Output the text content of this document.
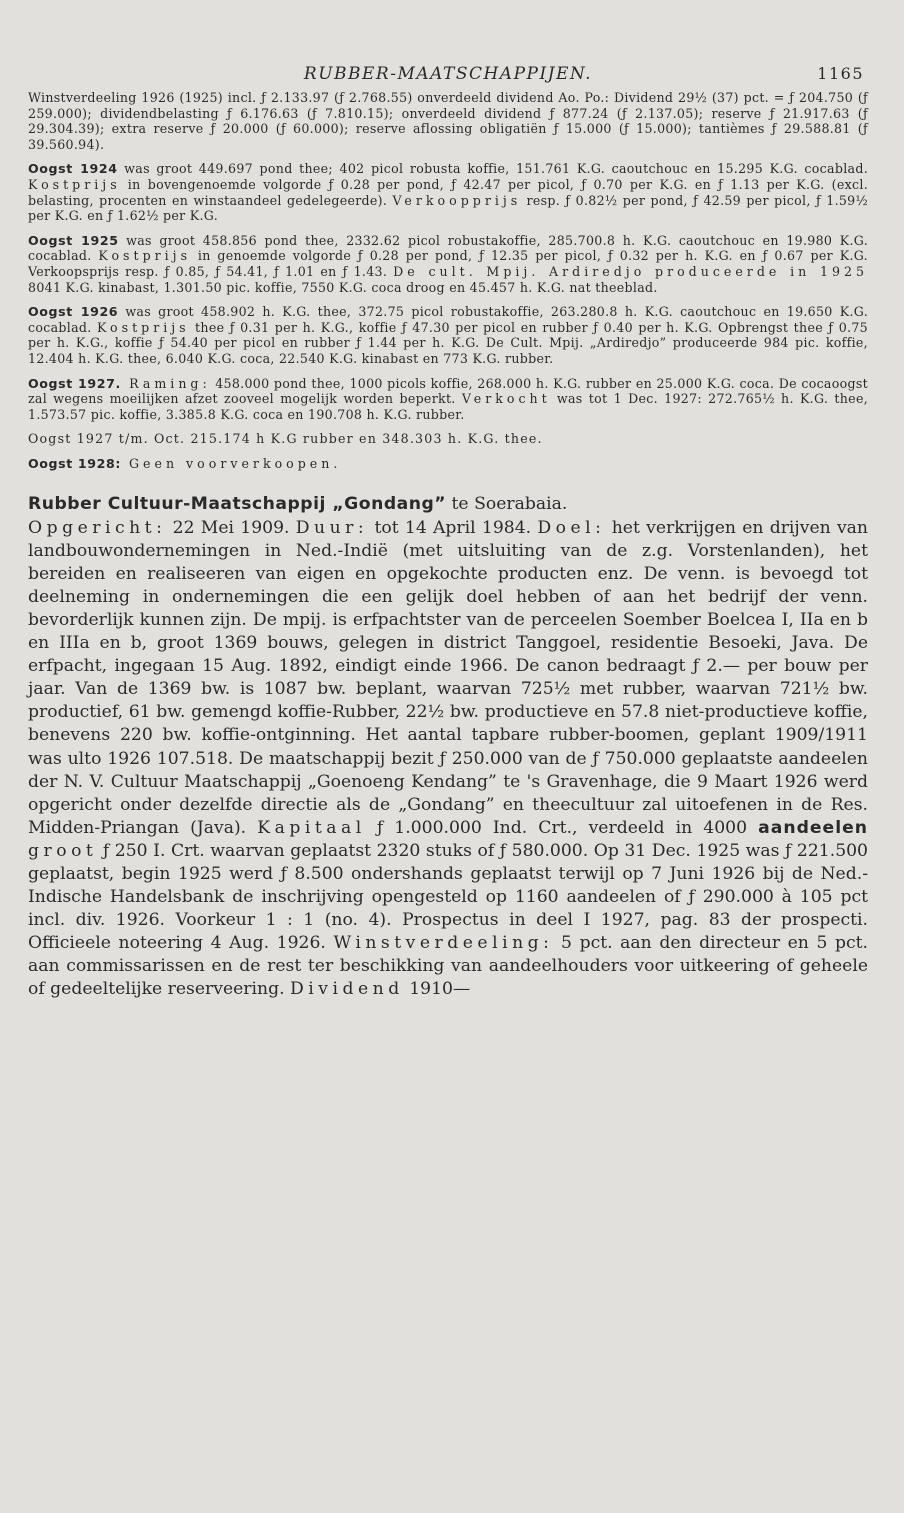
RUBBER-MAATSCHAPPIJEN.	1165

Winstverdeeling 1926 (1925) incl. ƒ 2.133.97 (ƒ 2.768.55) onverdeeld dividend Ao. Po.: Dividend 29½ (37) pct. = ƒ 204.750 (ƒ 259.000); dividendbelasting ƒ 6.176.63 (ƒ 7.810.15); onverdeeld dividend ƒ 877.24 (ƒ 2.137.05); reserve ƒ 21.917.63 (ƒ 29.304.39); extra reserve ƒ 20.000 (ƒ 60.000); reserve aflossing obligatiën ƒ 15.000 (ƒ 15.000); tantièmes ƒ 29.588.81 (ƒ 39.560.94).

Oogst 1924 was groot 449.697 pond thee; 402 picol robusta koffie, 151.761 K.G. caoutchouc en 15.295 K.G. cocablad. Kostprijs in bovengenoemde volgorde ƒ 0.28 per pond, ƒ 42.47 per picol, ƒ 0.70 per K.G. en ƒ 1.13 per K.G. (excl. belasting, procenten en winstaandeel gedelegeerde). Verkoopprijs resp. ƒ 0.82½ per pond, ƒ 42.59 per picol, ƒ 1.59½ per K.G. en ƒ 1.62½ per K.G.

Oogst 1925 was groot 458.856 pond thee, 2332.62 picol robustakoffie, 285.700.8 h. K.G. caoutchouc en 19.980 K.G. cocablad. Kostprijs in genoemde volgorde ƒ 0.28 per pond, ƒ 12.35 per picol, ƒ 0.32 per h. K.G. en ƒ 0.67 per K.G. Verkoopsprijs resp. ƒ 0.85, ƒ 54.41, ƒ 1.01 en ƒ 1.43. De cult. Mpij. Ardiredjo produceerde in 1925 8041 K.G. kinabast, 1.301.50 pic. koffie, 7550 K.G. coca droog en 45.457 h. K.G. nat theeblad.

Oogst 1926 was groot 458.902 h. K.G. thee, 372.75 picol robustakoffie, 263.280.8 h. K.G. caoutchouc en 19.650 K.G. cocablad. Kostprijs thee ƒ 0.31 per h. K.G., koffie ƒ 47.30 per picol en rubber ƒ 0.40 per h. K.G. Opbrengst thee ƒ 0.75 per h. K.G., koffie ƒ 54.40 per picol en rubber ƒ 1.44 per h. K.G. De Cult. Mpij. „Ardiredjo” produceerde 984 pic. koffie, 12.404 h. K.G. thee, 6.040 K.G. coca, 22.540 K.G. kinabast en 773 K.G. rubber.

Oogst 1927. Raming: 458.000 pond thee, 1000 picols koffie, 268.000 h. K.G. rubber en 25.000 K.G. coca. De cocaoogst zal wegens moeilijken afzet zooveel mogelijk worden beperkt. Verkocht was tot 1 Dec. 1927: 272.765½ h. K.G. thee, 1.573.57 pic. koffie, 3.385.8 K.G. coca en 190.708 h. K.G. rubber.

Oogst 1927 t/m. Oct. 215.174 h K.G rubber en 348.303 h. K.G. thee.

Oogst 1928: Geen voorverkoopen.

Rubber Cultuur-Maatschappij „Gondang” te Soerabaia.
Opgericht: 22 Mei 1909. Duur: tot 14 April 1984. Doel: het verkrijgen en drijven van landbouwondernemingen in Ned.-Indië (met uitsluiting van de z.g. Vorstenlanden), het bereiden en realiseeren van eigen en opgekochte producten enz. De venn. is bevoegd tot deelneming in ondernemingen die een gelijk doel hebben of aan het bedrijf der venn. bevorderlijk kunnen zijn. De mpij. is erfpachtster van de perceelen Soember Boelcea I, IIa en b en IIIa en b, groot 1369 bouws, gelegen in district Tanggoel, residentie Besoeki, Java. De erfpacht, ingegaan 15 Aug. 1892, eindigt einde 1966. De canon bedraagt ƒ 2.— per bouw per jaar. Van de 1369 bw. is 1087 bw. beplant, waarvan 725½ met rubber, waarvan 721½ bw. productief, 61 bw. gemengd koffie-Rubber, 22½ bw. productieve en 57.8 niet-productieve koffie, benevens 220 bw. koffie-ontginning. Het aantal tapbare rubber-boomen, geplant 1909/1911 was ulto 1926 107.518. De maatschappij bezit ƒ 250.000 van de ƒ 750.000 geplaatste aandeelen der N. V. Cultuur Maatschappij „Goenoeng Kendang” te 's Gravenhage, die 9 Maart 1926 werd opgericht onder dezelfde directie als de „Gondang” en theecultuur zal uitoefenen in de Res. Midden-Priangan (Java). Kapitaal ƒ 1.000.000 Ind. Crt., verdeeld in 4000 aandeelen groot ƒ 250 I. Crt. waarvan geplaatst 2320 stuks of ƒ 580.000. Op 31 Dec. 1925 was ƒ 221.500 geplaatst, begin 1925 werd ƒ 8.500 ondershands geplaatst terwijl op 7 Juni 1926 bij de Ned.-Indische Handelsbank de inschrijving opengesteld op 1160 aandeelen of ƒ 290.000 à 105 pct incl. div. 1926. Voorkeur 1 : 1 (no. 4). Prospectus in deel I 1927, pag. 83 der prospecti. Officieele noteering 4 Aug. 1926. Winstverdeeling: 5 pct. aan den directeur en 5 pct. aan commissarissen en de rest ter beschikking van aandeelhouders voor uitkeering of geheele of gedeeltelijke reserveering. Dividend 1910—
